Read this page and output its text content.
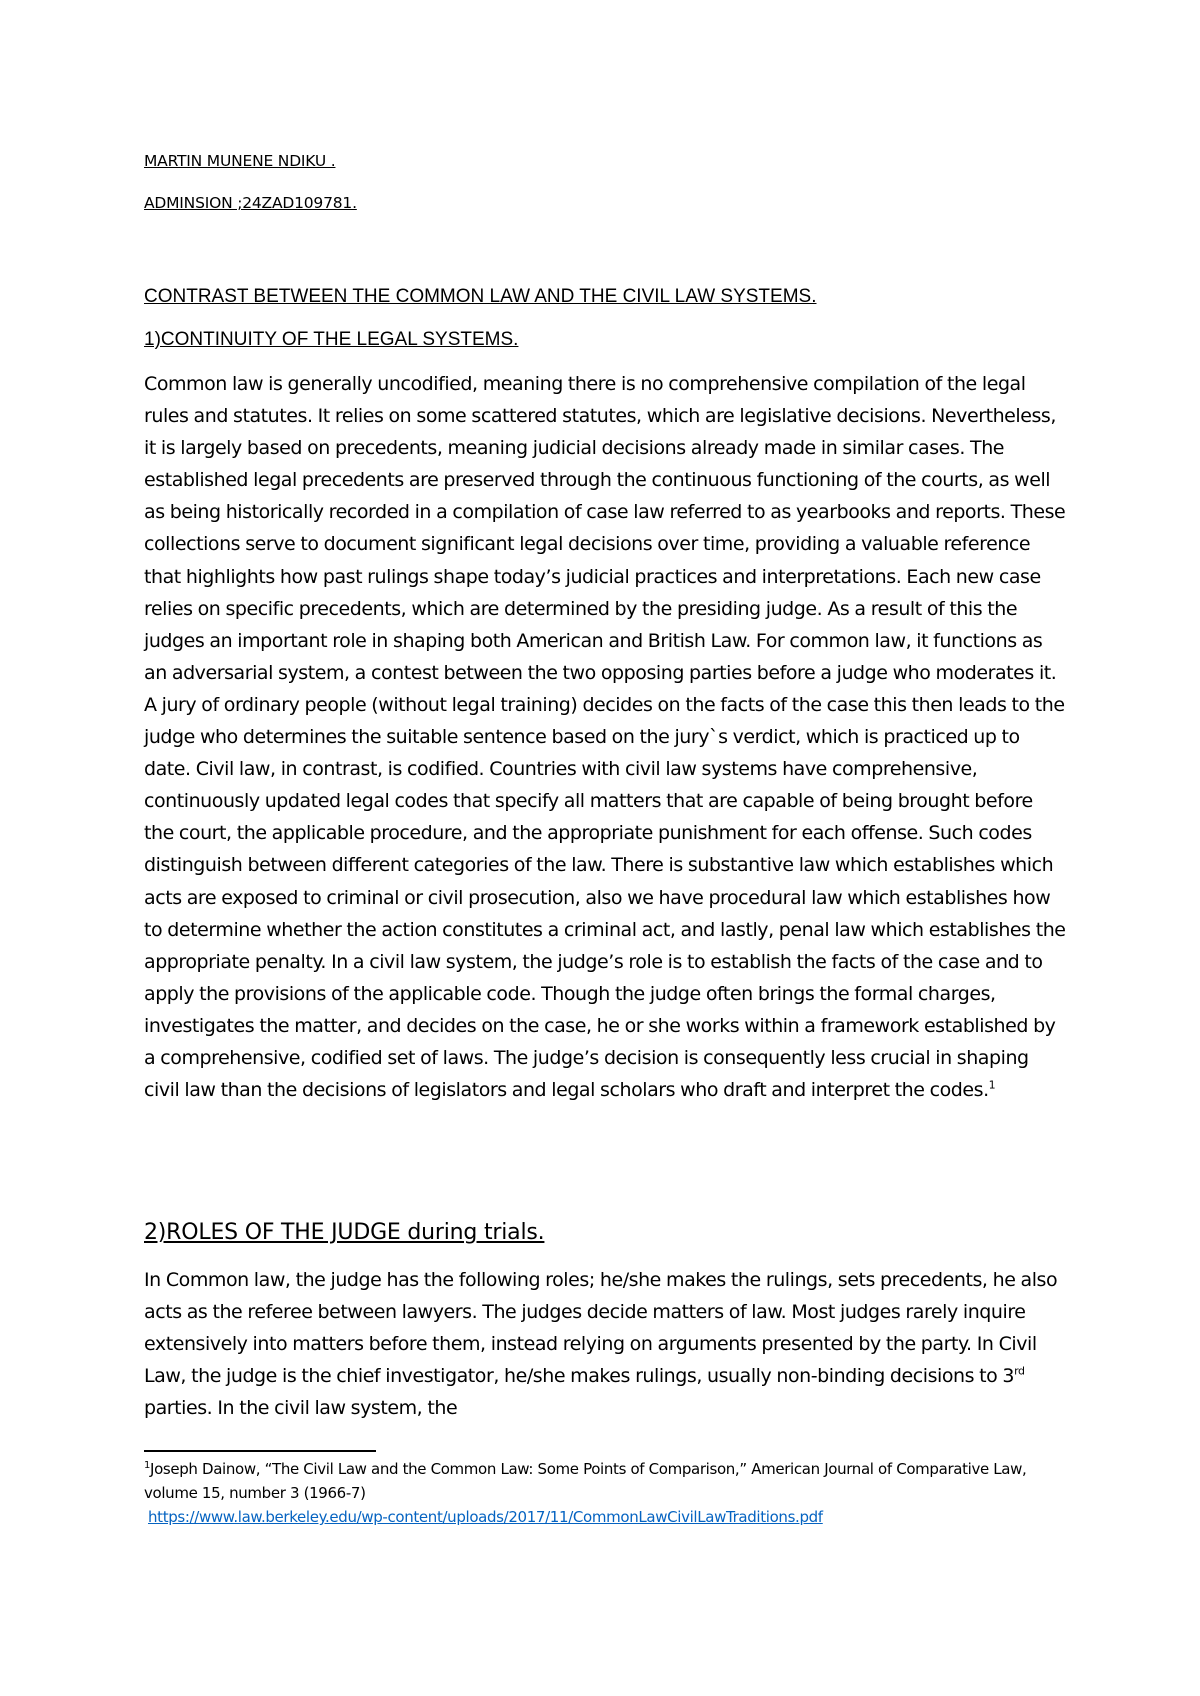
MARTIN MUNENE NDIKU .

ADMINSION ;24ZAD109781.

CONTRAST BETWEEN THE COMMON LAW AND THE CIVIL LAW SYSTEMS.
1)CONTINUITY OF THE LEGAL SYSTEMS.

Common law is generally uncodified, meaning there is no comprehensive compilation of the legal rules and statutes. It relies on some scattered statutes, which are legislative decisions. Nevertheless, it is largely based on precedents, meaning judicial decisions already made in similar cases. The established legal precedents are preserved through the continuous functioning of the courts, as well as being historically recorded in a compilation of case law referred to as yearbooks and reports. These collections serve to document significant legal decisions over time, providing a valuable reference that highlights how past rulings shape today’s judicial practices and interpretations. Each new case relies on specific precedents, which are determined by the presiding judge. As a result of this the judges an important role in shaping both American and British Law. For common law, it functions as an adversarial system, a contest between the two opposing parties before a judge who moderates it. A jury of ordinary people (without legal training) decides on the facts of the case this then leads to the judge who determines the suitable sentence based on the jury`s verdict, which is practiced up to date. Civil law, in contrast, is codified. Countries with civil law systems have comprehensive, continuously updated legal codes that specify all matters that are capable of being brought before the court, the applicable procedure, and the appropriate punishment for each offense. Such codes distinguish between different categories of the law. There is substantive law which establishes which acts are exposed to criminal or civil prosecution, also we have procedural law which establishes how to determine whether the action constitutes a criminal act, and lastly, penal law which establishes the appropriate penalty. In a civil law system, the judge’s role is to establish the facts of the case and to apply the provisions of the applicable code. Though the judge often brings the formal charges, investigates the matter, and decides on the case, he or she works within a framework established by a comprehensive, codified set of laws. The judge’s decision is consequently less crucial in shaping civil law than the decisions of legislators and legal scholars who draft and interpret the codes.$^1$

2)ROLES OF THE JUDGE during trials.

In Common law, the judge has the following roles; he/she makes the rulings, sets precedents, he also acts as the referee between lawyers. The judges decide matters of law. Most judges rarely inquire extensively into matters before them, instead relying on arguments presented by the party. In Civil Law, the judge is the chief investigator, he/she makes rulings, usually non-binding decisions to 3rd parties. In the civil law system, the

$^1$Joseph Dainow, “The Civil Law and the Common Law: Some Points of Comparison,” American Journal of Comparative Law, volume 15, number 3 (1966-7)
https://www.law.berkeley.edu/wp-content/uploads/2017/11/CommonLawCivilLawTraditions.pdf
